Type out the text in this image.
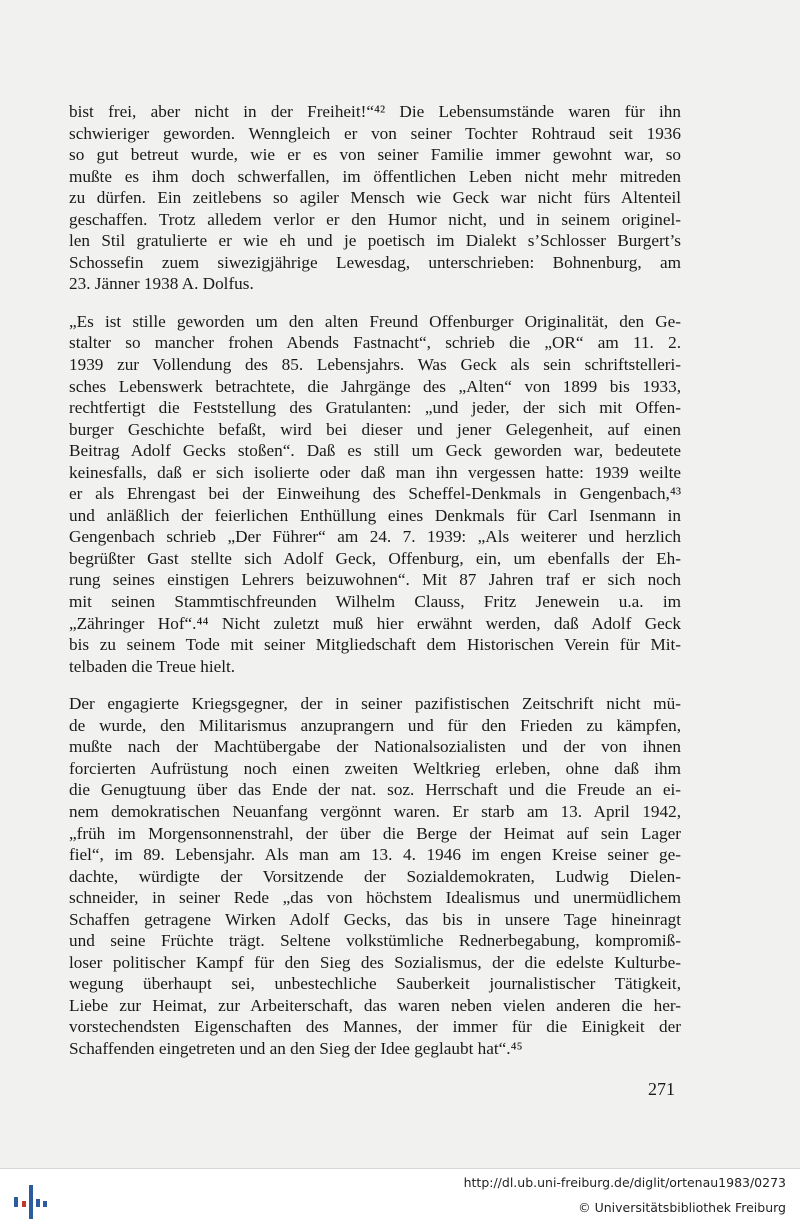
bist frei, aber nicht in der Freiheit!“⁴² Die Lebensumstände waren für ihn
schwieriger geworden. Wenngleich er von seiner Tochter Rohtraud seit 1936
so gut betreut wurde, wie er es von seiner Familie immer gewohnt war, so
mußte es ihm doch schwerfallen, im öffentlichen Leben nicht mehr mitreden
zu dürfen. Ein zeitlebens so agiler Mensch wie Geck war nicht fürs Altenteil
geschaffen. Trotz alledem verlor er den Humor nicht, und in seinem originel-
len Stil gratulierte er wie eh und je poetisch im Dialekt s’Schlosser Burgert’s
Schossefin zuem siwezigjährige Lewesdag, unterschrieben: Bohnenburg, am
23. Jänner 1938 A. Dolfus.
„Es ist stille geworden um den alten Freund Offenburger Originalität, den Ge-
stalter so mancher frohen Abends Fastnacht“, schrieb die „OR“ am 11. 2.
1939 zur Vollendung des 85. Lebensjahrs. Was Geck als sein schriftstelleri-
sches Lebenswerk betrachtete, die Jahrgänge des „Alten“ von 1899 bis 1933,
rechtfertigt die Feststellung des Gratulanten: „und jeder, der sich mit Offen-
burger Geschichte befaßt, wird bei dieser und jener Gelegenheit, auf einen
Beitrag Adolf Gecks stoßen“. Daß es still um Geck geworden war, bedeutete
keinesfalls, daß er sich isolierte oder daß man ihn vergessen hatte: 1939 weilte
er als Ehrengast bei der Einweihung des Scheffel-Denkmals in Gengenbach,⁴³
und anläßlich der feierlichen Enthüllung eines Denkmals für Carl Isenmann in
Gengenbach schrieb „Der Führer“ am 24. 7. 1939: „Als weiterer und herzlich
begrüßter Gast stellte sich Adolf Geck, Offenburg, ein, um ebenfalls der Eh-
rung seines einstigen Lehrers beizuwohnen“. Mit 87 Jahren traf er sich noch
mit seinen Stammtischfreunden Wilhelm Clauss, Fritz Jenewein u.a. im
„Zähringer Hof“.⁴⁴ Nicht zuletzt muß hier erwähnt werden, daß Adolf Geck
bis zu seinem Tode mit seiner Mitgliedschaft dem Historischen Verein für Mit-
telbaden die Treue hielt.
Der engagierte Kriegsgegner, der in seiner pazifistischen Zeitschrift nicht mü-
de wurde, den Militarismus anzuprangern und für den Frieden zu kämpfen,
mußte nach der Machtübergabe der Nationalsozialisten und der von ihnen
forcierten Aufrüstung noch einen zweiten Weltkrieg erleben, ohne daß ihm
die Genugtuung über das Ende der nat. soz. Herrschaft und die Freude an ei-
nem demokratischen Neuanfang vergönnt waren. Er starb am 13. April 1942,
„früh im Morgensonnenstrahl, der über die Berge der Heimat auf sein Lager
fiel“, im 89. Lebensjahr. Als man am 13. 4. 1946 im engen Kreise seiner ge-
dachte, würdigte der Vorsitzende der Sozialdemokraten, Ludwig Dielen-
schneider, in seiner Rede „das von höchstem Idealismus und unermüdlichem
Schaffen getragene Wirken Adolf Gecks, das bis in unsere Tage hineinragt
und seine Früchte trägt. Seltene volkstümliche Rednerbegabung, kompromiß-
loser politischer Kampf für den Sieg des Sozialismus, der die edelste Kulturbe-
wegung überhaupt sei, unbestechliche Sauberkeit journalistischer Tätigkeit,
Liebe zur Heimat, zur Arbeiterschaft, das waren neben vielen anderen die her-
vorstechendsten Eigenschaften des Mannes, der immer für die Einigkeit der
Schaffenden eingetreten und an den Sieg der Idee geglaubt hat“.⁴⁵
271
http://dl.ub.uni-freiburg.de/diglit/ortenau1983/0273
© Universitätsbibliothek Freiburg
